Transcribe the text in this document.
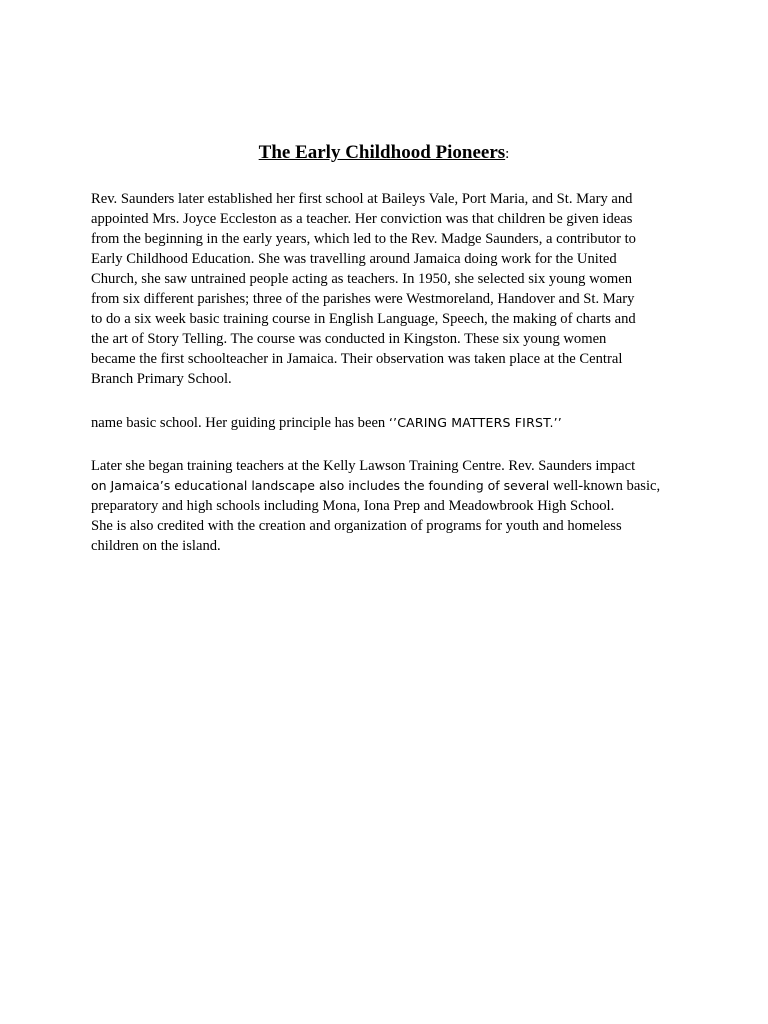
The Early Childhood Pioneers:
Rev. Saunders later established her first school at Baileys Vale, Port Maria, and St. Mary and
appointed Mrs. Joyce Eccleston as a teacher. Her conviction was that children be given ideas
from the beginning in the early years, which led to the Rev. Madge Saunders, a contributor to
Early Childhood Education. She was travelling around Jamaica doing work for the United
Church, she saw untrained people acting as teachers. In 1950, she selected six young women
from six different parishes; three of the parishes were Westmoreland, Handover and St. Mary
to do a six week basic training course in English Language, Speech, the making of charts and
the art of Story Telling. The course was conducted in Kingston. These six young women
became the first schoolteacher in Jamaica. Their observation was taken place at the Central
Branch Primary School.
name basic school. Her guiding principle has been ‘’CARING MATTERS FIRST.’’
Later she began training teachers at the Kelly Lawson Training Centre. Rev. Saunders impact
on Jamaica’s educational landscape also includes the founding of several well-known basic,
preparatory and high schools including Mona, Iona Prep and Meadowbrook High School.
She is also credited with the creation and organization of programs for youth and homeless
children on the island.
